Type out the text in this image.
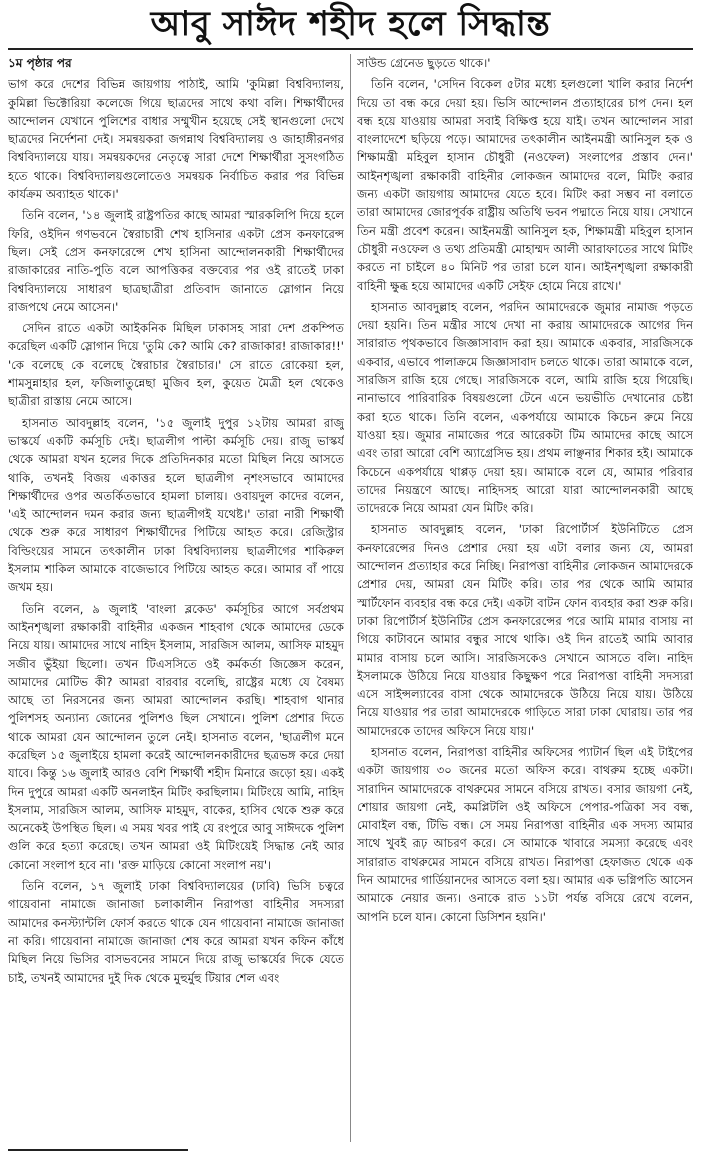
আবু সাঈদ শহীদ হলে সিদ্ধান্ত

১ম পৃষ্ঠার পর

ভাগ করে দেশের বিভিন্ন জায়গায় পাঠাই, আমি 'কুমিল্লা বিশ্ববিদ্যালয়, কুমিল্লা ভিক্টোরিয়া কলেজে গিয়ে ছাত্রদের সাথে কথা বলি। শিক্ষার্থীদের আন্দোলন যেখানে পুলিশের বাধার সম্মুখীন হয়েছে সেই স্থানগুলো দেখে ছাত্রদের নির্দেশনা দেই। সমন্বয়করা জগন্নাথ বিশ্ববিদ্যালয় ও জাহাঙ্গীরনগর বিশ্ববিদ্যালয়ে যায়। সমন্বয়কদের নেতৃত্বে সারা দেশে শিক্ষার্থীরা সুসংগঠিত হতে থাকে। বিশ্ববিদ্যালয়গুলোতেও সমন্বয়ক নির্বাচিত করার পর বিভিন্ন কার্যক্রম অব্যাহত থাকে।'

তিনি বলেন, '১৪ জুলাই রাষ্ট্রপতির কাছে আমরা স্মারকলিপি দিয়ে হলে ফিরি, ওইদিন গণভবনে স্বৈরাচারী শেখ হাসিনার একটা প্রেস কনফারেন্স ছিল। সেই প্রেস কনফারেন্সে শেখ হাসিনা আন্দোলনকারী শিক্ষার্থীদের রাজাকারের নাতি-পুতি বলে আপত্তিকর বক্তব্যের পর ওই রাতেই ঢাকা বিশ্ববিদ্যালয়ে সাধারণ ছাত্রছাত্রীরা প্রতিবাদ জানাতে স্লোগান নিয়ে রাজপথে নেমে আসেন।'

সেদিন রাতে একটা আইকনিক মিছিল ঢাকাসহ সারা দেশ প্রকম্পিত করেছিল একটি স্লোগান দিয়ে 'তুমি কে? আমি কে? রাজাকার! রাজাকার!!' 'কে বলেছে কে বলেছে স্বৈরাচার স্বৈরাচার।' সে রাতে রোকেয়া হল, শামসুন্নাহার হল, ফজিলাতুন্নেছা মুজিব হল, কুয়েত মৈত্রী হল থেকেও ছাত্রীরা রাস্তায় নেমে আসে।

হাসনাত আবদুল্লাহ বলেন, '১৫ জুলাই দুপুর ১২টায় আমরা রাজু ভাস্কর্যে একটি কর্মসূচি দেই। ছাত্রলীগ পাল্টা কর্মসূচি দেয়। রাজু ভাস্কর্য থেকে আমরা যখন হলের দিকে প্রতিদিনকার মতো মিছিল নিয়ে আসতে থাকি, তখনই বিজয় একাত্তর হলে ছাত্রলীগ নৃশংসভাবে আমাদের শিক্ষার্থীদের ওপর অতর্কিতভাবে হামলা চালায়। ওবায়দুল কাদের বলেন, 'এই আন্দোলন দমন করার জন্য ছাত্রলীগই যথেষ্ট।' তারা নারী শিক্ষার্থী থেকে শুরু করে সাধারণ শিক্ষার্থীদের পিটিয়ে আহত করে। রেজিস্ট্রার বিল্ডিংয়ের সামনে তৎকালীন ঢাকা বিশ্ববিদ্যালয় ছাত্রলীগের শাকিরুল ইসলাম শাকিল আমাকে বাজেভাবে পিটিয়ে আহত করে। আমার বাঁ পায়ে জখম হয়।

তিনি বলেন, ৯ জুলাই 'বাংলা ব্লকেড' কর্মসূচির আগে সর্বপ্রথম আইনশৃঙ্খলা রক্ষাকারী বাহিনীর একজন শাহবাগ থেকে আমাদের ডেকে নিয়ে যায়। আমাদের সাথে নাহিদ ইসলাম, সারজিস আলম, আসিফ মাহমুদ সজীব ভুঁইয়া ছিলো। তখন টিএসসিতে ওই কর্মকর্তা জিজ্ঞেস করেন, আমাদের মোটিভ কী? আমরা বারবার বলেছি, রাষ্ট্রের মধ্যে যে বৈষম্য আছে তা নিরসনের জন্য আমরা আন্দোলন করছি। শাহবাগ থানার পুলিশসহ অন্যান্য জোনের পুলিশও ছিল সেখানে। পুলিশ প্রেশার দিতে থাকে আমরা যেন আন্দোলন তুলে নেই। হাসনাত বলেন, 'ছাত্রলীগ মনে করেছিল ১৫ জুলাইয়ে হামলা করেই আন্দোলনকারীদের ছত্রভঙ্গ করে দেয়া যাবে। কিন্তু ১৬ জুলাই আরও বেশি শিক্ষার্থী শহীদ মিনারে জড়ো হয়। একই দিন দুপুরে আমরা একটি অনলাইন মিটিং করছিলাম। মিটিংয়ে আমি, নাহিদ ইসলাম, সারজিস আলম, আসিফ মাহমুদ, বাকের, হাসিব থেকে শুরু করে অনেকেই উপস্থিত ছিল। এ সময় খবর পাই যে রংপুরে আবু সাঈদকে পুলিশ গুলি করে হত্যা করেছে। তখন আমরা ওই মিটিংয়েই সিদ্ধান্ত নেই আর কোনো সংলাপ হবে না। 'রক্ত মাড়িয়ে কোনো সংলাপ নয়'।

তিনি বলেন, ১৭ জুলাই ঢাকা বিশ্ববিদ্যালয়ের (ঢাবি) ভিসি চত্বরে গায়েবানা নামাজে জানাজা চলাকালীন নিরাপত্তা বাহিনীর সদস্যরা আমাদের কনস্ট্যান্টলি ফোর্স করতে থাকে যেন গায়েবানা নামাজে জানাজা না করি। গায়েবানা নামাজে জানাজা শেষ করে আমরা যখন কফিন কাঁধে মিছিল নিয়ে ভিসির বাসভবনের সামনে দিয়ে রাজু ভাস্কর্যের দিকে যেতে চাই, তখনই আমাদের দুই দিক থেকে মুহুর্মুহু টিয়ার শেল এবং

সাউন্ড গ্রেনেড ছুড়তে থাকে।'

তিনি বলেন, 'সেদিন বিকেল ৫টার মধ্যে হলগুলো খালি করার নির্দেশ দিয়ে তা বন্ধ করে দেয়া হয়। ভিসি আন্দোলন প্রত্যাহারের চাপ দেন। হল বন্ধ হয়ে যাওয়ায় আমরা সবাই বিক্ষিপ্ত হয়ে যাই। তখন আন্দোলন সারা বাংলাদেশে ছড়িয়ে পড়ে। আমাদের তৎকালীন আইনমন্ত্রী আনিসুল হক ও শিক্ষামন্ত্রী মহিবুল হাসান চৌধুরী (নওফেল) সংলাপের প্রস্তাব দেন।' আইনশৃঙ্খলা রক্ষাকারী বাহিনীর লোকজন আমাদের বলে, মিটিং করার জন্য একটা জায়গায় আমাদের যেতে হবে। মিটিং করা সম্ভব না বলাতে তারা আমাদের জোরপূর্বক রাষ্ট্রীয় অতিথি ভবন পদ্মাতে নিয়ে যায়। সেখানে তিন মন্ত্রী প্রবেশ করেন। আইনমন্ত্রী আনিসুল হক, শিক্ষামন্ত্রী মহিবুল হাসান চৌধুরী নওফেল ও তথ্য প্রতিমন্ত্রী মোহাম্মদ আলী আরাফাতের সাথে মিটিং করতে না চাইলে ৪০ মিনিট পর তারা চলে যান। আইনশৃঙ্খলা রক্ষাকারী বাহিনী ক্ষুব্ধ হয়ে আমাদের একটি সেইফ হোমে নিয়ে রাখে।'

হাসনাত আবদুল্লাহ বলেন, পরদিন আমাদেরকে জুমার নামাজ পড়তে দেয়া হয়নি। তিন মন্ত্রীর সাথে দেখা না করায় আমাদেরকে আগের দিন সারারাত পৃথকভাবে জিজ্ঞাসাবাদ করা হয়। আমাকে একবার, সারজিসকে একবার, এভাবে পালাক্রমে জিজ্ঞাসাবাদ চলতে থাকে। তারা আমাকে বলে, সারজিস রাজি হয়ে গেছে। সারজিসকে বলে, আমি রাজি হয়ে গিয়েছি। নানাভাবে পারিবারিক বিষয়গুলো টেনে এনে ভয়ভীতি দেখানোর চেষ্টা করা হতে থাকে। তিনি বলেন, একপর্যায়ে আমাকে কিচেন রুমে নিয়ে যাওয়া হয়। জুমার নামাজের পরে আরেকটা টিম আমাদের কাছে আসে এবং তারা আরো বেশি অ্যাগ্রেসিভ হয়। প্রথম লাঞ্ছনার শিকার হই। আমাকে কিচেনে একপর্যায়ে থাপ্পড় দেয়া হয়। আমাকে বলে যে, আমার পরিবার তাদের নিয়ন্ত্রণে আছে। নাহিদসহ আরো যারা আন্দোলনকারী আছে তাদেরকে নিয়ে আমরা যেন মিটিং করি।

হাসনাত আবদুল্লাহ বলেন, 'ঢাকা রিপোর্টার্স ইউনিটিতে প্রেস কনফারেন্সের দিনও প্রেশার দেয়া হয় এটা বলার জন্য যে, আমরা আন্দোলন প্রত্যাহার করে নিচ্ছি। নিরাপত্তা বাহিনীর লোকজন আমাদেরকে প্রেশার দেয়, আমরা যেন মিটিং করি। তার পর থেকে আমি আমার স্মার্টফোন ব্যবহার বন্ধ করে দেই। একটা বাটন ফোন ব্যবহার করা শুরু করি। ঢাকা রিপোর্টার্স ইউনিটির প্রেস কনফারেন্সের পরে আমি মামার বাসায় না গিয়ে কাটাবনে আমার বন্ধুর সাথে থাকি। ওই দিন রাতেই আমি আবার মামার বাসায় চলে আসি। সারজিসকেও সেখানে আসতে বলি। নাহিদ ইসলামকে উঠিয়ে নিয়ে যাওয়ার কিছুক্ষণ পরে নিরাপত্তা বাহিনী সদস্যরা এসে সাইন্সল্যাবের বাসা থেকে আমাদেরকে উঠিয়ে নিয়ে যায়। উঠিয়ে নিয়ে যাওয়ার পর তারা আমাদেরকে গাড়িতে সারা ঢাকা ঘোরায়। তার পর আমাদেরকে তাদের অফিসে নিয়ে যায়।'

হাসনাত বলেন, নিরাপত্তা বাহিনীর অফিসের প্যাটার্ন ছিল এই টাইপের একটা জায়গায় ৩০ জনের মতো অফিস করে। বাথরুম হচ্ছে একটা। সারাদিন আমাদেরকে বাথরুমের সামনে বসিয়ে রাখত। বসার জায়গা নেই, শোয়ার জায়গা নেই, কমপ্লিটলি ওই অফিসে পেপার-পত্রিকা সব বন্ধ, মোবাইল বন্ধ, টিভি বন্ধ। সে সময় নিরাপত্তা বাহিনীর এক সদস্য আমার সাথে খুবই রূঢ় আচরণ করে। সে আমাকে খাবারে সমস্যা করেছে এবং সারারাত বাথরুমের সামনে বসিয়ে রাখত। নিরাপত্তা হেফাজত থেকে এক দিন আমাদের গার্ডিয়ানদের আসতে বলা হয়। আমার এক ভগ্নিপতি আসেন আমাকে নেয়ার জন্য। ওনাকে রাত ১১টা পর্যন্ত বসিয়ে রেখে বলেন, আপনি চলে যান। কোনো ডিসিশন হয়নি।'
